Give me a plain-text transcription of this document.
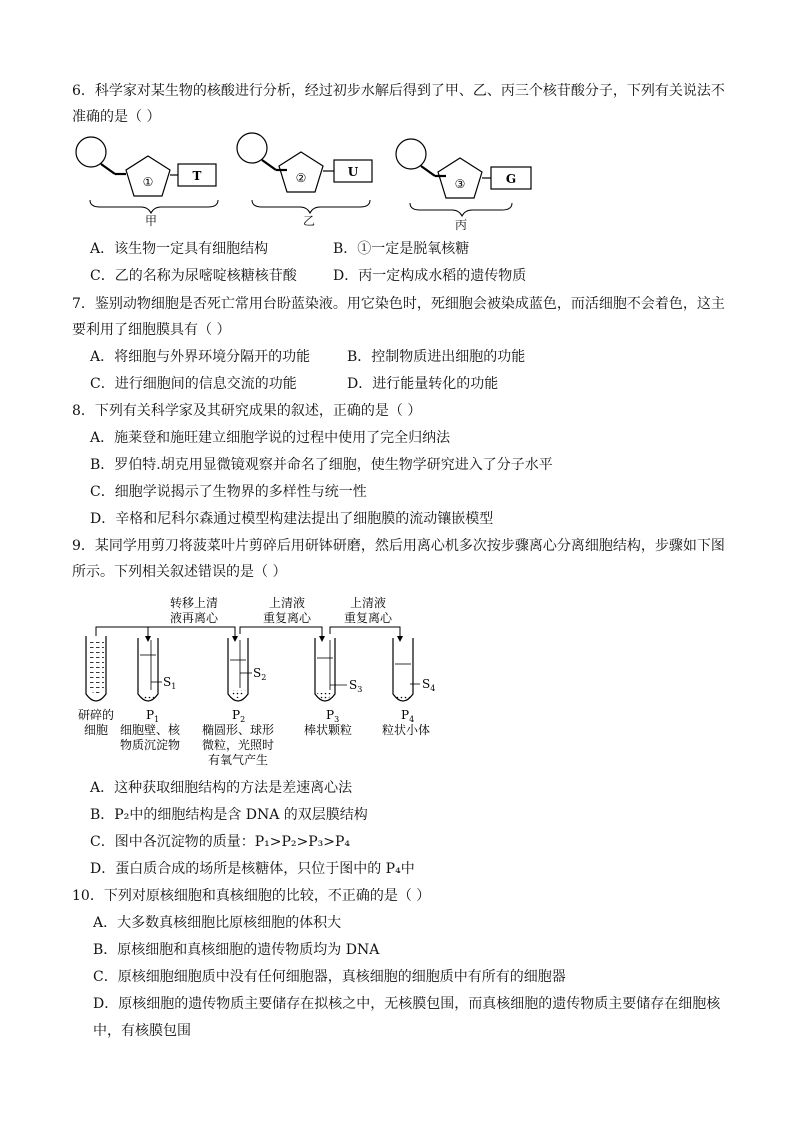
6．科学家对某生物的核酸进行分析，经过初步水解后得到了甲、乙、丙三个核苷酸分子，下列有关说法不
准确的是（ ）
①	T	②	U
③	G
甲	乙	丙
A．该生物一定具有细胞结构	B．①一定是脱氧核糖
C．乙的名称为尿嘧啶核糖核苷酸	D．丙一定构成水稻的遗传物质
7．鉴别动物细胞是否死亡常用台盼蓝染液。用它染色时，死细胞会被染成蓝色，而活细胞不会着色，这主
要利用了细胞膜具有（ ）
A．将细胞与外界环境分隔开的功能	B．控制物质进出细胞的功能
C．进行细胞间的信息交流的功能	D．进行能量转化的功能
8．下列有关科学家及其研究成果的叙述，正确的是（ ）
A．施莱登和施旺建立细胞学说的过程中使用了完全归纳法
B．罗伯特.胡克用显微镜观察并命名了细胞，使生物学研究进入了分子水平
C．细胞学说揭示了生物界的多样性与统一性
D．辛格和尼科尔森通过模型构建法提出了细胞膜的流动镶嵌模型
9．某同学用剪刀将菠菜叶片剪碎后用研钵研磨，然后用离心机多次按步骤离心分离细胞结构，步骤如下图
所示。下列相关叙述错误的是（ ）
转移上清
液再离心
上清液
重复离心
上清液
重复离心
$S_1$
$S_2$
$S_3$	$S_4$
$P_1$	$P_2$	$P_3$	$P_4$
研碎的
细胞 细胞壁、核
物质沉淀物
椭圆形、球形
微粒，光照时
有氧气产生
棒状颗粒 粒状小体
A．这种获取细胞结构的方法是差速离心法
B．P₂中的细胞结构是含 DNA 的双层膜结构
C．图中各沉淀物的质量：P₁>P₂>P₃>P₄
D．蛋白质合成的场所是核糖体，只位于图中的 P₄中
10．下列对原核细胞和真核细胞的比较，不正确的是（ ）
A．大多数真核细胞比原核细胞的体积大
B．原核细胞和真核细胞的遗传物质均为 DNA
C．原核细胞细胞质中没有任何细胞器，真核细胞的细胞质中有所有的细胞器
D．原核细胞的遗传物质主要储存在拟核之中，无核膜包围，而真核细胞的遗传物质主要储存在细胞核
中，有核膜包围
